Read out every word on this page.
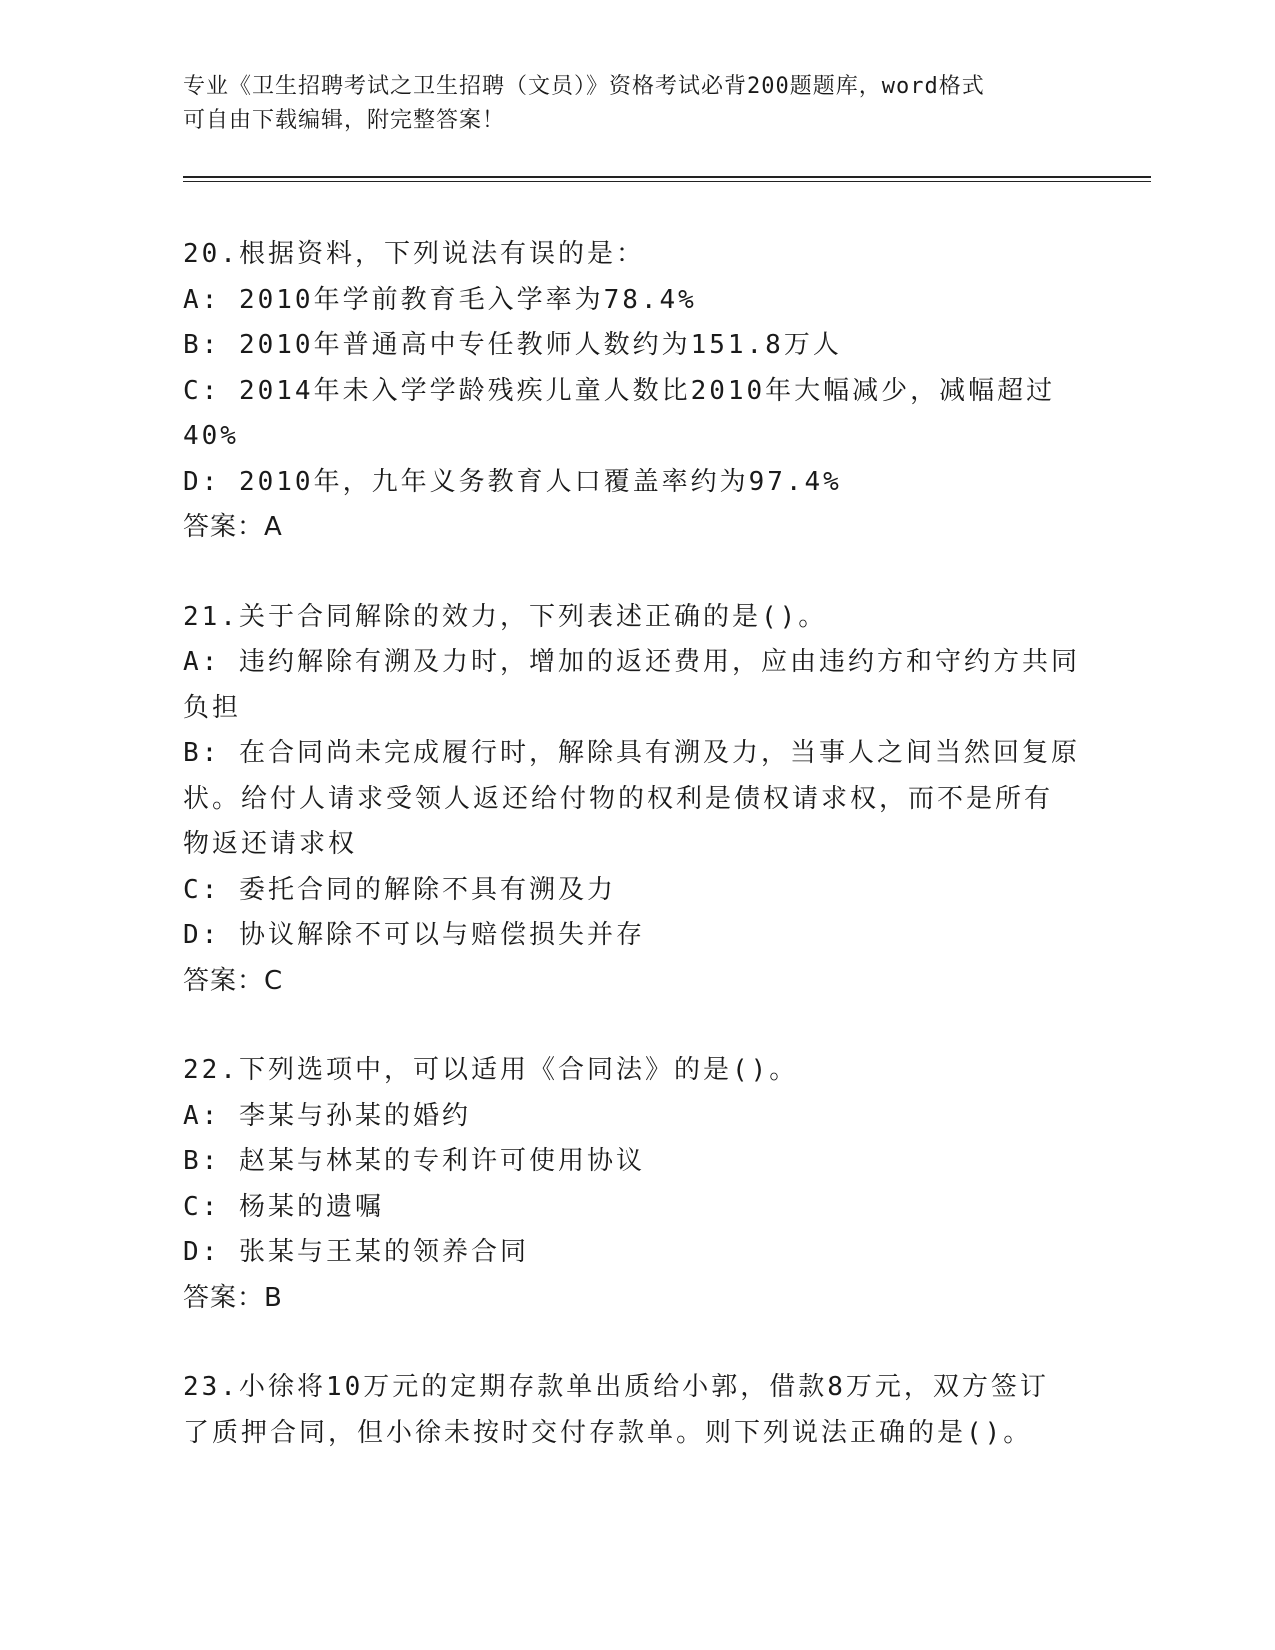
专业《卫生招聘考试之卫生招聘（文员）》资格考试必背200题题库，word格式
可自由下载编辑，附完整答案！
20.根据资料，下列说法有误的是：
A: 2010年学前教育毛入学率为78.4%
B: 2010年普通高中专任教师人数约为151.8万人
C: 2014年未入学学龄残疾儿童人数比2010年大幅减少，减幅超过
40%
D: 2010年，九年义务教育人口覆盖率约为97.4%
答案：A
21.关于合同解除的效力，下列表述正确的是()。
A: 违约解除有溯及力时，增加的返还费用，应由违约方和守约方共同
负担
B: 在合同尚未完成履行时，解除具有溯及力，当事人之间当然回复原
状。给付人请求受领人返还给付物的权利是债权请求权，而不是所有
物返还请求权
C: 委托合同的解除不具有溯及力
D: 协议解除不可以与赔偿损失并存
答案：C
22.下列选项中，可以适用《合同法》的是()。
A: 李某与孙某的婚约
B: 赵某与林某的专利许可使用协议
C: 杨某的遗嘱
D: 张某与王某的领养合同
答案：B
23.小徐将10万元的定期存款单出质给小郭，借款8万元，双方签订
了质押合同，但小徐未按时交付存款单。则下列说法正确的是()。
